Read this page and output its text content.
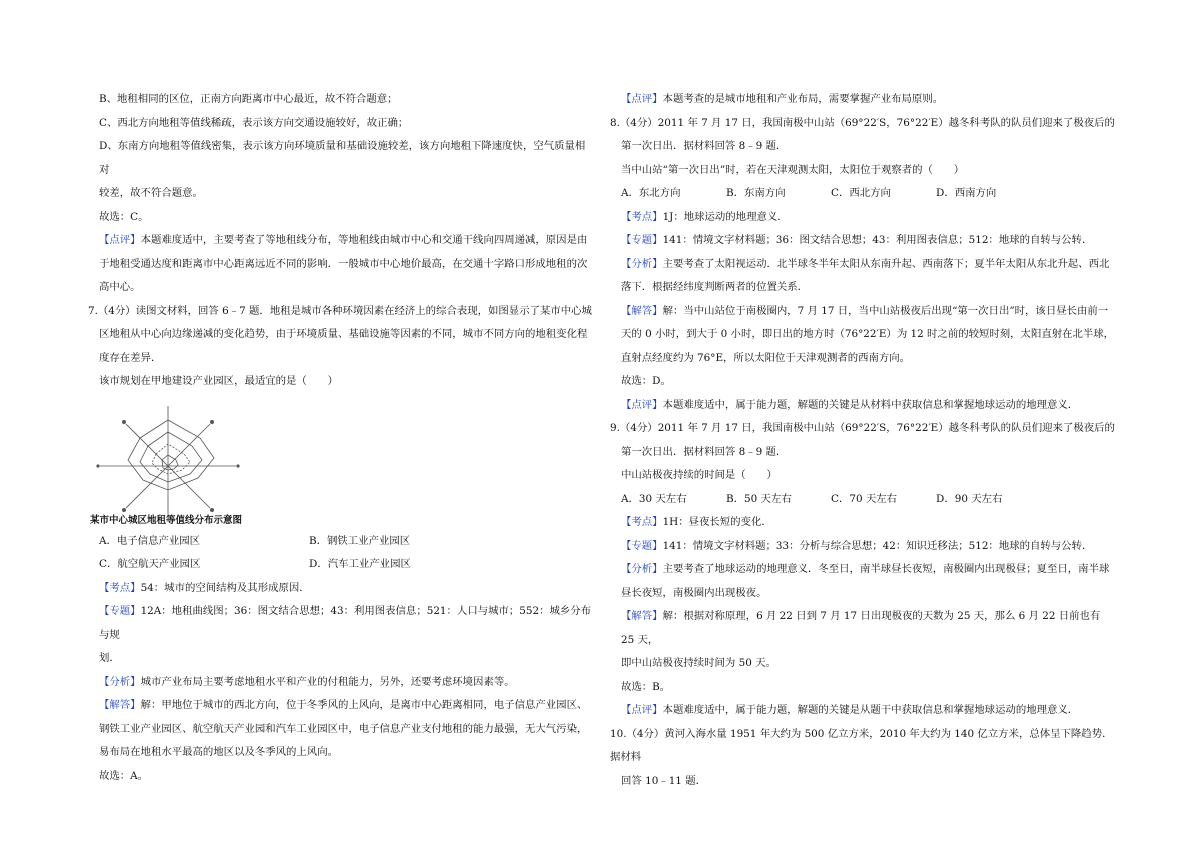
B、地租相同的区位，正南方向距离市中心最近，故不符合题意；

C、西北方向地租等值线稀疏，表示该方向交通设施较好，故正确；

D、东南方向地租等值线密集，表示该方向环境质量和基础设施较差，该方向地租下降速度快，空气质量相对

较差，故不符合题意。

故选：C。

【点评】本题难度适中，主要考查了等地租线分布，等地租线由城市中心和交通干线向四周递减，原因是由

于地租受通达度和距离市中心距离远近不同的影响．一般城市中心地价最高，在交通十字路口形成地租的次

高中心。

7.（4分）读图文材料，回答 6﹣7 题．地租是城市各种环境因素在经济上的综合表现，如图显示了某市中心城

区地租从中心向边缘递减的变化趋势，由于环境质量、基础设施等因素的不同，城市不同方向的地租变化程

度存在差异．

该市规划在甲地建设产业园区，最适宜的是（　　）

某市中心城区地租等值线分布示意图

A．电子信息产业园区	B．钢铁工业产业园区

C．航空航天产业园区	D．汽车工业产业园区

【考点】54：城市的空间结构及其形成原因．

【专题】12A：地租曲线图；36：图文结合思想；43：利用图表信息；521：人口与城市；552：城乡分布与规

划．

【分析】城市产业布局主要考虑地租水平和产业的付租能力，另外，还要考虑环境因素等。

【解答】解：甲地位于城市的西北方向，位于冬季风的上风向，是离市中心距离相同，电子信息产业园区、

钢铁工业产业园区、航空航天产业园和汽车工业园区中，电子信息产业支付地租的能力最强，无大气污染，

易布局在地租水平最高的地区以及冬季风的上风向。

故选：A。

【点评】本题考查的是城市地租和产业布局，需要掌握产业布局原则。

8.（4分）2011 年 7 月 17 日，我国南极中山站（69°22′S，76°22′E）越冬科考队的队员们迎来了极夜后的

第一次日出．据材料回答 8﹣9 题．

当中山站“第一次日出”时，若在天津观测太阳，太阳位于观察者的（　　）

A．东北方向	B．东南方向	C．西北方向	D．西南方向

【考点】1J：地球运动的地理意义．

【专题】141：情境文字材料题；36：图文结合思想；43：利用图表信息；512：地球的自转与公转．

【分析】主要考查了太阳视运动．北半球冬半年太阳从东南升起、西南落下；夏半年太阳从东北升起、西北

落下．根据经纬度判断两者的位置关系．

【解答】解：当中山站位于南极圈内，7 月 17 日，当中山站极夜后出现“第一次日出”时，该日昼长由前一

天的 0 小时，到大于 0 小时，即日出的地方时（76°22′E）为 12 时之前的较短时刻，太阳直射在北半球，

直射点经度约为 76°E，所以太阳位于天津观测者的西南方向。

故选：D。

【点评】本题难度适中，属于能力题，解题的关键是从材料中获取信息和掌握地球运动的地理意义．

9.（4分）2011 年 7 月 17 日，我国南极中山站（69°22′S，76°22′E）越冬科考队的队员们迎来了极夜后的

第一次日出．据材料回答 8﹣9 题．

中山站极夜持续的时间是（　　）

A．30 天左右	B．50 天左右	C．70 天左右	D．90 天左右

【考点】1H：昼夜长短的变化．

【专题】141：情境文字材料题；33：分析与综合思想；42：知识迁移法；512：地球的自转与公转．

【分析】主要考查了地球运动的地理意义．冬至日，南半球昼长夜短，南极圈内出现极昼；夏至日，南半球

昼长夜短，南极圈内出现极夜。

【解答】解：根据对称原理，6 月 22 日到 7 月 17 日出现极夜的天数为 25 天，那么 6 月 22 日前也有 25 天，

即中山站极夜持续时间为 50 天。

故选：B。

【点评】本题难度适中，属于能力题，解题的关键是从题干中获取信息和掌握地球运动的地理意义．

10.（4分）黄河入海水量 1951 年大约为 500 亿立方米，2010 年大约为 140 亿立方米，总体呈下降趋势．据材料

回答 10﹣11 题．
